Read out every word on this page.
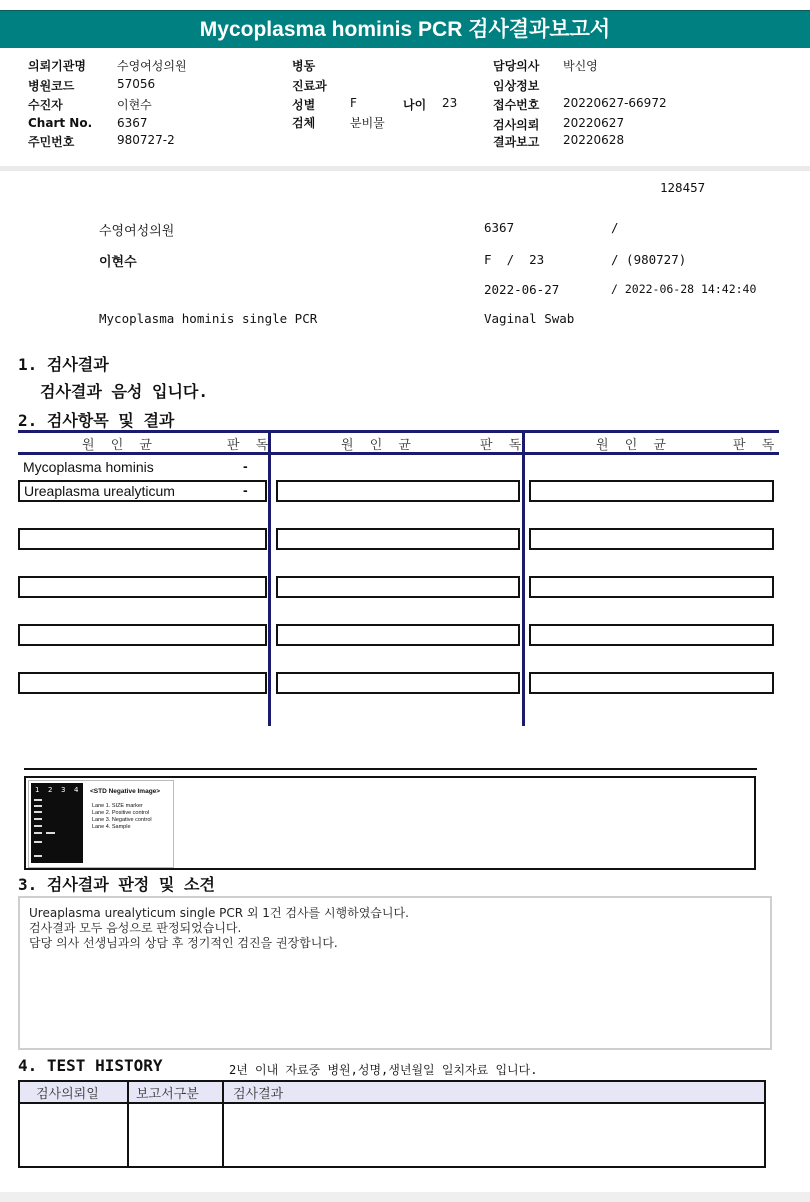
Mycoplasma hominis PCR 검사결과보고서
의뢰기관명	수영여성의원
병원코드	57056
수진자	이현수
Chart No. 6367
주민번호	980727-2
병동
진료과
성별	F	나이 23
검체	분비물
담당의사 박신영
임상정보
접수번호 20220627-66972
검사의뢰 20220627
결과보고 20220628
128457
수영여성의원	6367	/
이현수	F  /  23	/ (980727)
2022-06-27	/ 2022-06-28 14:42:40
Mycoplasma hominis single PCR	Vaginal Swab
1. 검사결과
검사결과 음성 입니다.
2. 검사항목 및 결과
원 인 균	판 독	원 인 균	판 독	원 인 균	판 독
Mycoplasma hominis	-
Ureaplasma urealyticum	-
1 2 3 4 <STD Negative Image>
Lane 1. SIZE marker
Lane 2. Positive control
Lane 3. Negative control
Lane 4. Sample
3. 검사결과 판정 및 소견
Ureaplasma urealyticum single PCR 외 1건 검사를 시행하였습니다.
검사결과 모두 음성으로 판정되었습니다.
담당 의사 선생님과의 상담 후 정기적인 검진을 권장합니다.
4. TEST HISTORY	2년 이내 자료중 병원,성명,생년월일 일치자료 입니다.
검사의뢰일	보고서구분	검사결과
